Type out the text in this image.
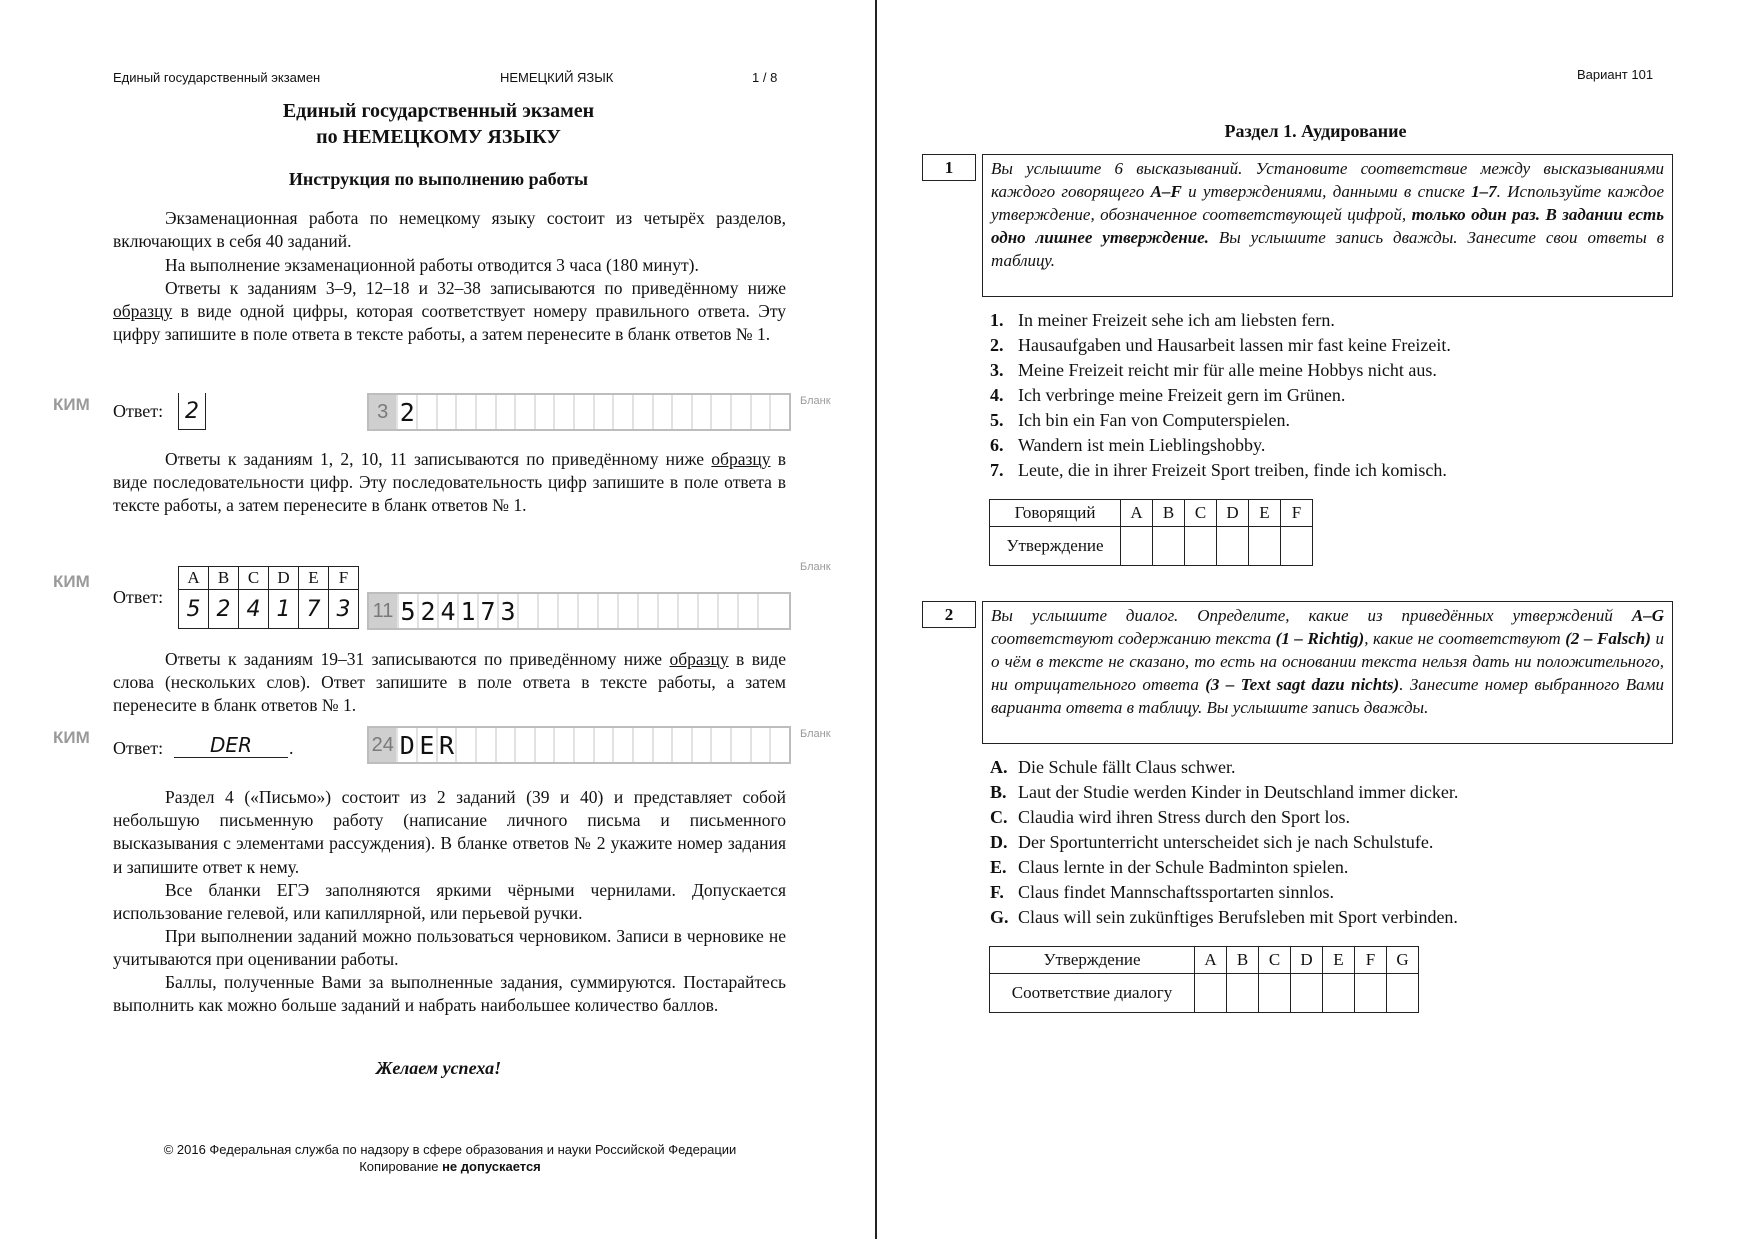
Единый государственный экзамен	НЕМЕЦКИЙ ЯЗЫК	1 / 8
Единый государственный экзамен
по НЕМЕЦКОМУ ЯЗЫКУ
Инструкция по выполнению работы

Экзаменационная работа по немецкому языку состоит из четырёх разделов, включающих в себя 40 заданий.

На выполнение экзаменационной работы отводится 3 часа (180 минут).

Ответы к заданиям 3–9, 12–18 и 32–38 записываются по приведённому ниже образцу в виде одной цифры, которая соответствует номеру правильного ответа. Эту цифру запишите в поле ответа в тексте работы, а затем перенесите в бланк ответов № 1.

КИМ Ответ: 2	3 2	Бланк

Ответы к заданиям 1, 2, 10, 11 записываются по приведённому ниже образцу в виде последовательности цифр. Эту последовательность цифр запишите в поле ответа в тексте работы, а затем перенесите в бланк ответов № 1.

КИМ
Ответ:
A	B	C	D	E	F
5	2	4	1	7	3 11 5 2 4 1 7 3
Бланк

Ответы к заданиям 19–31 записываются по приведённому ниже образцу в виде слова (нескольких слов). Ответ запишите в поле ответа в тексте работы, а затем перенесите в бланк ответов № 1.

КИМ
Ответ:	DER	.	24 D E R	Бланк

Раздел 4 («Письмо») состоит из 2 заданий (39 и 40) и представляет собой небольшую письменную работу (написание личного письма и письменного высказывания с элементами рассуждения). В бланке ответов № 2 укажите номер задания и запишите ответ к нему.

Все бланки ЕГЭ заполняются яркими чёрными чернилами. Допускается использование гелевой, или капиллярной, или перьевой ручки.

При выполнении заданий можно пользоваться черновиком. Записи в черновике не учитываются при оценивании работы.

Баллы, полученные Вами за выполненные задания, суммируются. Постарайтесь выполнить как можно больше заданий и набрать наибольшее количество баллов.

Желаем успеха!
© 2016 Федеральная служба по надзору в сфере образования и науки Российской Федерации
Копирование не допускается
Вариант 101
Раздел 1. Аудирование
1	Вы услышите 6 высказываний. Установите соответствие между высказываниями каждого говорящего A–F и утверждениями, данными в списке 1–7. Используйте каждое утверждение, обозначенное соответствующей цифрой, только один раз. В задании есть одно лишнее утверждение. Вы услышите запись дважды. Занесите свои ответы в таблицу.
1. In meiner Freizeit sehe ich am liebsten fern.
2. Hausaufgaben und Hausarbeit lassen mir fast keine Freizeit.
3. Meine Freizeit reicht mir für alle meine Hobbys nicht aus.
4. Ich verbringe meine Freizeit gern im Grünen.
5. Ich bin ein Fan von Computerspielen.
6. Wandern ist mein Lieblingshobby.
7. Leute, die in ihrer Freizeit Sport treiben, finde ich komisch.
Говорящий	A	B	C	D	E	F
Утверждение						
2	Вы услышите диалог. Определите, какие из приведённых утверждений A–G соответствуют содержанию текста (1 – Richtig), какие не соответствуют (2 – Falsch) и о чём в тексте не сказано, то есть на основании текста нельзя дать ни положительного, ни отрицательного ответа (3 – Text sagt dazu nichts). Занесите номер выбранного Вами варианта ответа в таблицу. Вы услышите запись дважды.
A. Die Schule fällt Claus schwer.
B. Laut der Studie werden Kinder in Deutschland immer dicker.
C. Claudia wird ihren Stress durch den Sport los.
D. Der Sportunterricht unterscheidet sich je nach Schulstufe.
E. Claus lernte in der Schule Badminton spielen.
F. Claus findet Mannschaftssportarten sinnlos.
G. Claus will sein zukünftiges Berufsleben mit Sport verbinden.
Утверждение	A	B	C	D	E	F	G
Соответствие диалогу							
